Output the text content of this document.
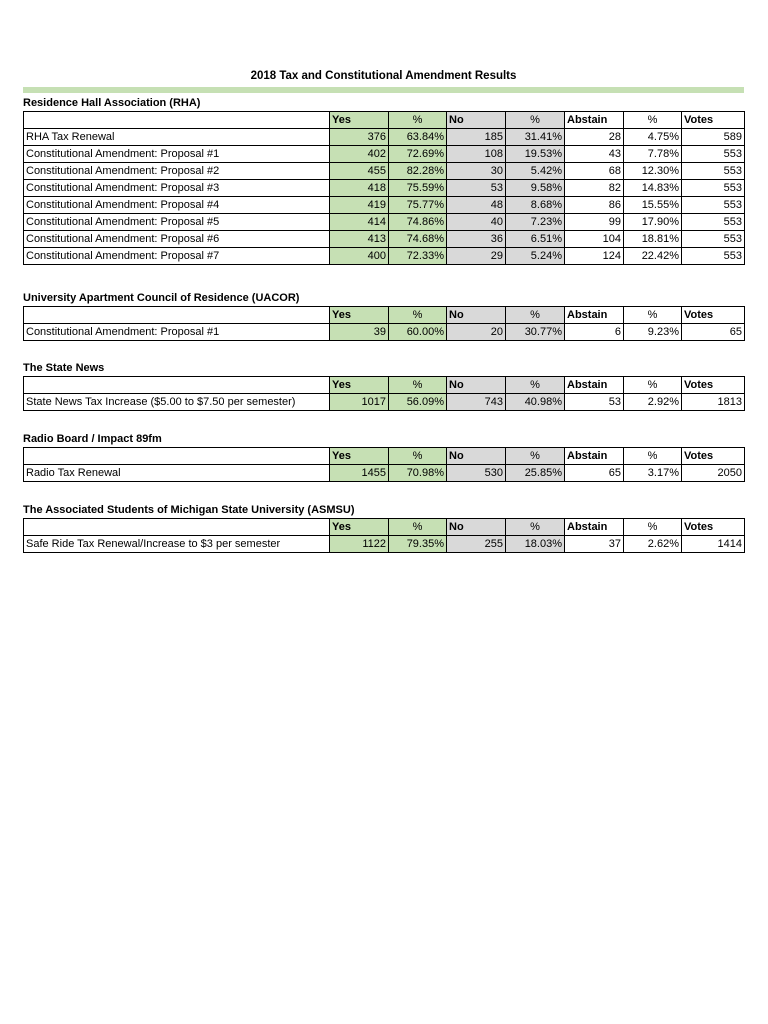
2018 Tax and Constitutional Amendment Results
Residence Hall Association (RHA)
	Yes	%	No	%	Abstain	%	Votes
RHA Tax Renewal	376	63.84%	185	31.41%	28	4.75%	589
Constitutional Amendment: Proposal #1	402	72.69%	108	19.53%	43	7.78%	553
Constitutional Amendment: Proposal #2	455	82.28%	30	5.42%	68	12.30%	553
Constitutional Amendment: Proposal #3	418	75.59%	53	9.58%	82	14.83%	553
Constitutional Amendment: Proposal #4	419	75.77%	48	8.68%	86	15.55%	553
Constitutional Amendment: Proposal #5	414	74.86%	40	7.23%	99	17.90%	553
Constitutional Amendment: Proposal #6	413	74.68%	36	6.51%	104	18.81%	553
Constitutional Amendment: Proposal #7	400	72.33%	29	5.24%	124	22.42%	553
University Apartment Council of Residence (UACOR)
	Yes	%	No	%	Abstain	%	Votes
Constitutional Amendment: Proposal #1	39	60.00%	20	30.77%	6	9.23%	65
The State News
	Yes	%	No	%	Abstain	%	Votes
State News Tax Increase ($5.00 to $7.50 per semester)	1017	56.09%	743	40.98%	53	2.92%	1813
Radio Board / Impact 89fm
	Yes	%	No	%	Abstain	%	Votes
Radio Tax Renewal	1455	70.98%	530	25.85%	65	3.17%	2050
The Associated Students of Michigan State University (ASMSU)
	Yes	%	No	%	Abstain	%	Votes
Safe Ride Tax Renewal/Increase to $3 per semester	1122	79.35%	255	18.03%	37	2.62%	1414
